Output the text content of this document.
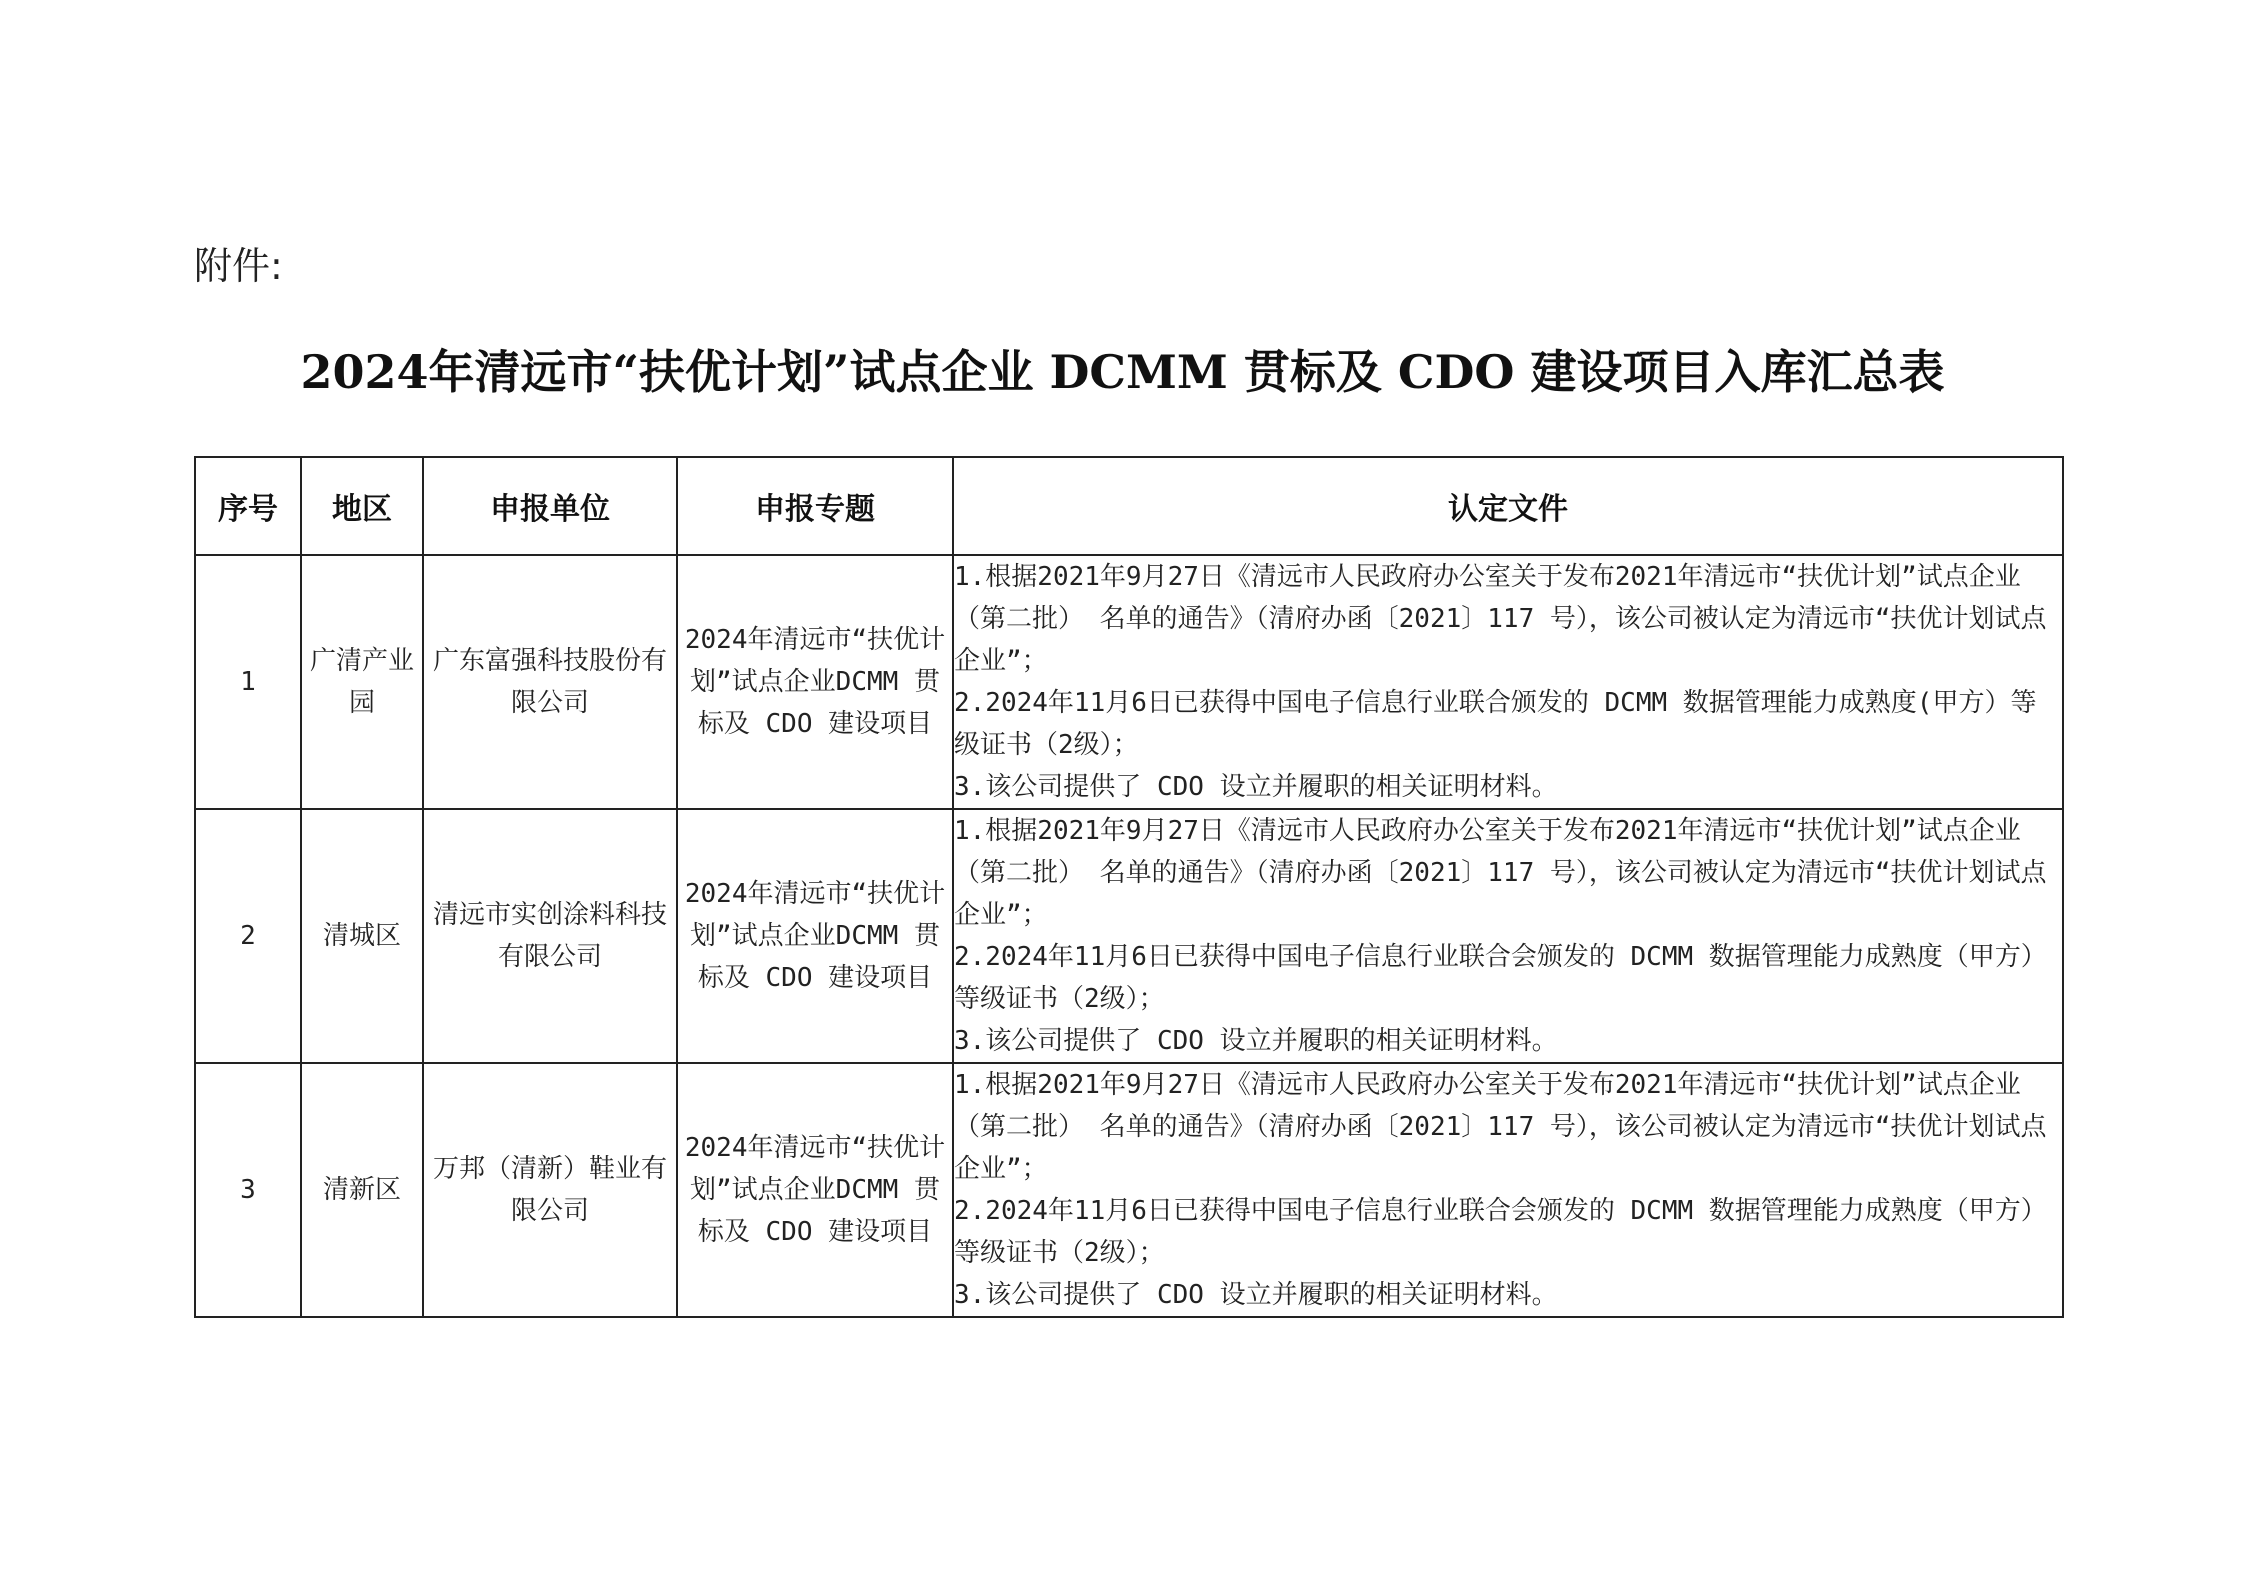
附件:
2024年清远市“扶优计划”试点企业 DCMM 贯标及 CDO 建设项目入库汇总表
序号	地区	申报单位	申报专题	认定文件
1	广清产业园	广东富强科技股份有限公司	2024年清远市“扶优计划”试点企业DCMM 贯标及 CDO 建设项目	1.根据2021年9月27日《清远市人民政府办公室关于发布2021年清远市“扶优计划”试点企业（第二批） 名单的通告》（清府办函〔2021〕117 号），该公司被认定为清远市“扶优计划试点企业”；
2.2024年11月6日已获得中国电子信息行业联合颁发的 DCMM 数据管理能力成熟度(甲方）等级证书（2级）；
3.该公司提供了 CDO 设立并履职的相关证明材料。

2	清城区	清远市实创涂料科技有限公司	2024年清远市“扶优计划”试点企业DCMM 贯标及 CDO 建设项目	1.根据2021年9月27日《清远市人民政府办公室关于发布2021年清远市“扶优计划”试点企业（第二批） 名单的通告》（清府办函〔2021〕117 号），该公司被认定为清远市“扶优计划试点企业”；
2.2024年11月6日已获得中国电子信息行业联合会颁发的 DCMM 数据管理能力成熟度（甲方）等级证书（2级）；
3.该公司提供了 CDO 设立并履职的相关证明材料。

3	清新区	万邦（清新）鞋业有限公司	2024年清远市“扶优计划”试点企业DCMM 贯标及 CDO 建设项目	1.根据2021年9月27日《清远市人民政府办公室关于发布2021年清远市“扶优计划”试点企业（第二批） 名单的通告》（清府办函〔2021〕117 号），该公司被认定为清远市“扶优计划试点企业”；
2.2024年11月6日已获得中国电子信息行业联合会颁发的 DCMM 数据管理能力成熟度（甲方）等级证书（2级）；
3.该公司提供了 CDO 设立并履职的相关证明材料。
